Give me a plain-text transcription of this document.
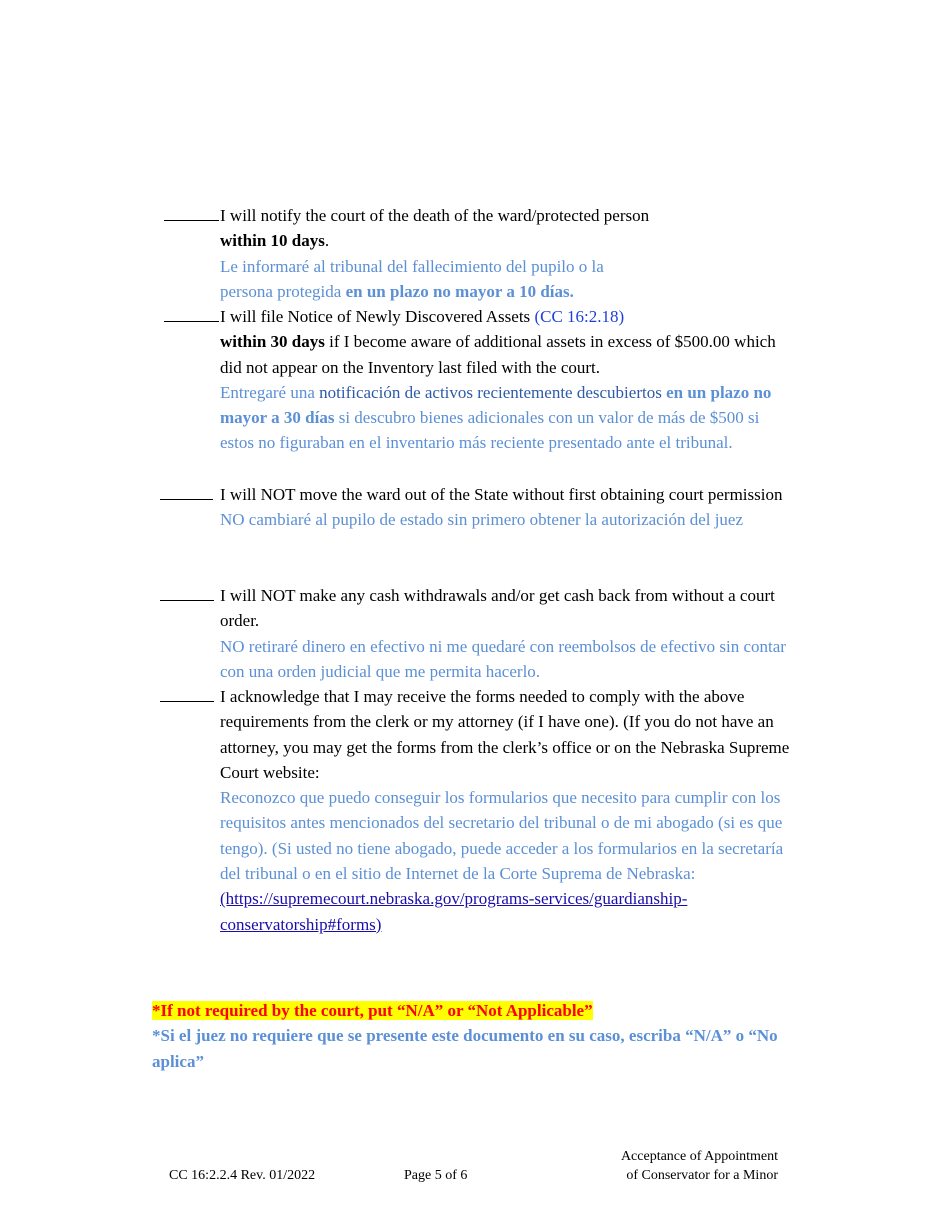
I will notify the court of the death of the ward/protected person
within 10 days.
Le informaré al tribunal del fallecimiento del pupilo o la persona protegida en un plazo no mayor a 10 días.
I will file Notice of Newly Discovered Assets (CC 16:2.18)
within 30 days if I become aware of additional assets in excess of $500.00 which did not appear on the Inventory last filed with the court.
Entregaré una notificación de activos recientemente descubiertos en un plazo no mayor a 30 días si descubro bienes adicionales con un valor de más de $500 si estos no figuraban en el inventario más reciente presentado ante el tribunal.
I will NOT move the ward out of the State without first obtaining court permission
NO cambiaré al pupilo de estado sin primero obtener la autorización del juez
I will NOT make any cash withdrawals and/or get cash back from without a court order.
NO retiraré dinero en efectivo ni me quedaré con reembolsos de efectivo sin contar con una orden judicial que me permita hacerlo.
I acknowledge that I may receive the forms needed to comply with the above requirements from the clerk or my attorney (if I have one). (If you do not have an attorney, you may get the forms from the clerk’s office or on the Nebraska Supreme Court website:
Reconozco que puedo conseguir los formularios que necesito para cumplir con los requisitos antes mencionados del secretario del tribunal o de mi abogado (si es que tengo). (Si usted no tiene abogado, puede acceder a los formularios en la secretaría del tribunal o en el sitio de Internet de la Corte Suprema de Nebraska:
(https://supremecourt.nebraska.gov/programs-services/guardianship-conservatorship#forms)
*If not required by the court, put “N/A” or “Not Applicable”
*Si el juez no requiere que se presente este documento en su caso, escriba “N/A” o “No aplica”
CC 16:2.2.4 Rev. 01/2022	Page 5 of 6
Acceptance of Appointment
of Conservator for a Minor
